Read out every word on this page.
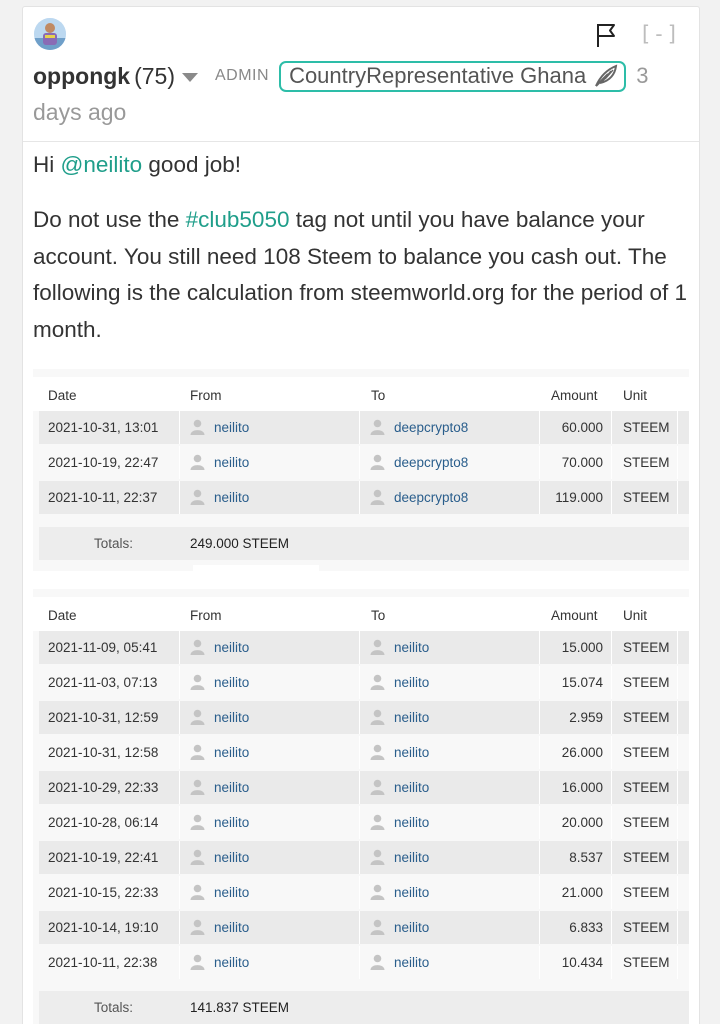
[-]
oppongk (75)	ADMIN CountryRepresentative Ghana 3
days ago
Hi @neilito good job!
Do not use the #club5050 tag not until you have balance your account. You still need 108 Steem to balance you cash out. The following is the calculation from steemworld.org for the period of 1 month.
Date	From	To	Amount Unit
2021-10-31, 13:01	neilito	deepcrypto8	60.000 STEEM
2021-10-19, 22:47	neilito	deepcrypto8	70.000 STEEM
2021-10-11, 22:37	neilito	deepcrypto8	119.000 STEEM
Totals:	249.000 STEEM
Date	From	To	Amount Unit
2021-11-09, 05:41	neilito	neilito	15.000 STEEM
2021-11-03, 07:13	neilito	neilito	15.074 STEEM
2021-10-31, 12:59	neilito	neilito	2.959 STEEM
2021-10-31, 12:58	neilito	neilito	26.000 STEEM
2021-10-29, 22:33	neilito	neilito	16.000 STEEM
2021-10-28, 06:14	neilito	neilito	20.000 STEEM
2021-10-19, 22:41	neilito	neilito	8.537 STEEM
2021-10-15, 22:33	neilito	neilito	21.000 STEEM
2021-10-14, 19:10	neilito	neilito	6.833 STEEM
2021-10-11, 22:38	neilito	neilito	10.434 STEEM
Totals:	141.837 STEEM
